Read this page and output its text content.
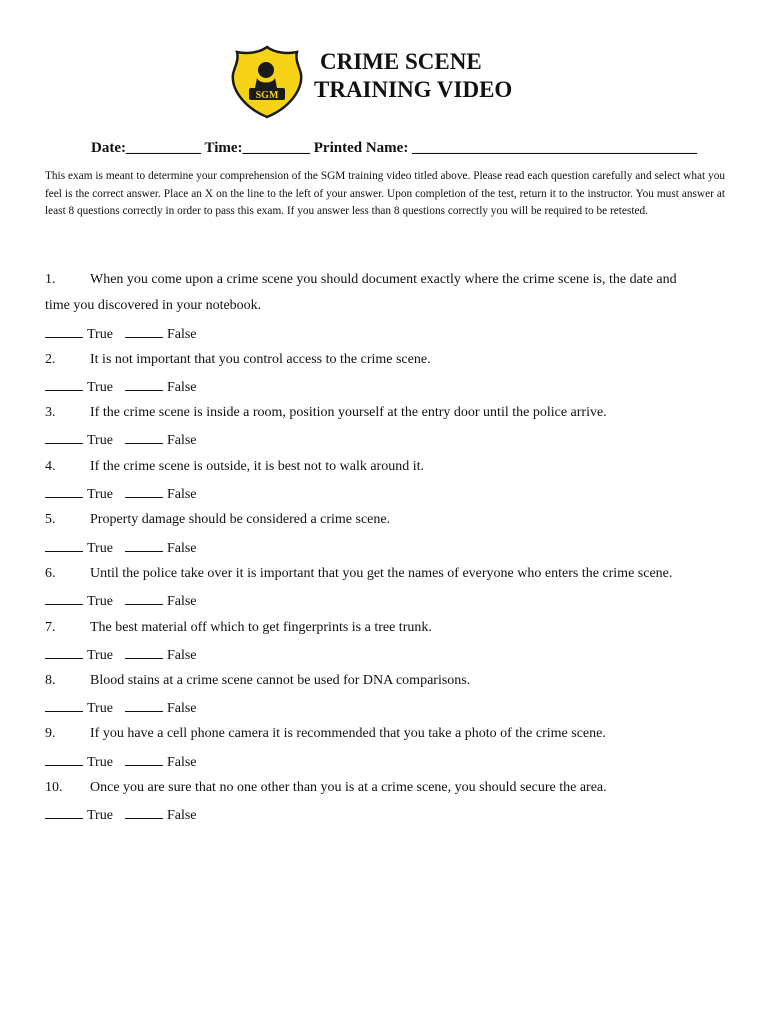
SGM
CRIME SCENE
TRAINING VIDEO
Date:__________ Time:_________ Printed Name: ______________________________________
This exam is meant to determine your comprehension of the SGM training video titled above. Please read each question carefully and select what you feel is the correct answer. Place an X on the line to the left of your answer. Upon completion of the test, return it to the instructor. You must answer at least 8 questions correctly in order to pass this exam. If you answer less than 8 questions correctly you will be required to be retested.
1. When you come upon a crime scene you should document exactly where the crime scene is, the date and
time you discovered in your notebook.
True	False
2. It is not important that you control access to the crime scene.
True	False
3. If the crime scene is inside a room, position yourself at the entry door until the police arrive.
True	False
4. If the crime scene is outside, it is best not to walk around it.
True	False
5. Property damage should be considered a crime scene.
True	False
6. Until the police take over it is important that you get the names of everyone who enters the crime scene.
True	False
7. The best material off which to get fingerprints is a tree trunk.
True	False
8. Blood stains at a crime scene cannot be used for DNA comparisons.
True	False
9. If you have a cell phone camera it is recommended that you take a photo of the crime scene.
True	False
10. Once you are sure that no one other than you is at a crime scene, you should secure the area.
True	False
